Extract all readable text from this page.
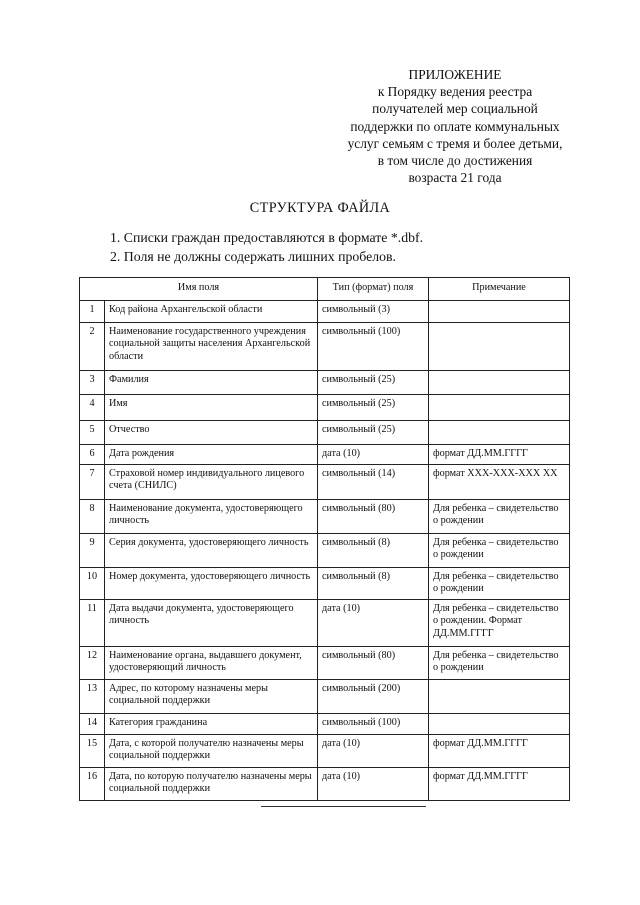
ПРИЛОЖЕНИЕ
к Порядку ведения реестра
получателей мер социальной
поддержки по оплате коммунальных
услуг семьям с тремя и более детьми,
в том числе до достижения
возраста 21 года
СТРУКТУРА ФАЙЛА
1. Списки граждан предоставляются в формате *.dbf.
2. Поля не должны содержать лишних пробелов.
Имя поля		Тип (формат) поля	Примечание
1	Код района Архангельской области	символьный (3)	
2	Наименование государственного учреждения социальной защиты населения Архангельской области	символьный (100)	
3	Фамилия	символьный (25)	
4	Имя	символьный (25)	
5	Отчество	символьный (25)	
6	Дата рождения	дата (10)	формат ДД.ММ.ГГГГ
7	Страховой номер индивидуального лицевого счета (СНИЛС)	символьный (14)	формат XXX-XXX-XXX XX
8	Наименование документа, удостоверяющего личность	символьный (80)	Для ребенка – свидетельство о рождении
9	Серия документа, удостоверяющего личность	символьный (8)	Для ребенка – свидетельство о рождении
10	Номер документа, удостоверяющего личность	символьный (8)	Для ребенка – свидетельство о рождении
11	Дата выдачи документа, удостоверяющего личность	дата (10)	Для ребенка – свидетельство о рождении. Формат ДД.ММ.ГГГГ
12	Наименование органа, выдавшего документ, удостоверяющий личность	символьный (80)	Для ребенка – свидетельство о рождении
13	Адрес, по которому назначены меры социальной поддержки	символьный (200)	
14	Категория гражданина	символьный (100)	
15	Дата, с которой получателю назначены меры социальной поддержки	дата (10)	формат ДД.ММ.ГГГГ
16	Дата, по которую получателю назначены меры социальной поддержки	дата (10)	формат ДД.ММ.ГГГГ
